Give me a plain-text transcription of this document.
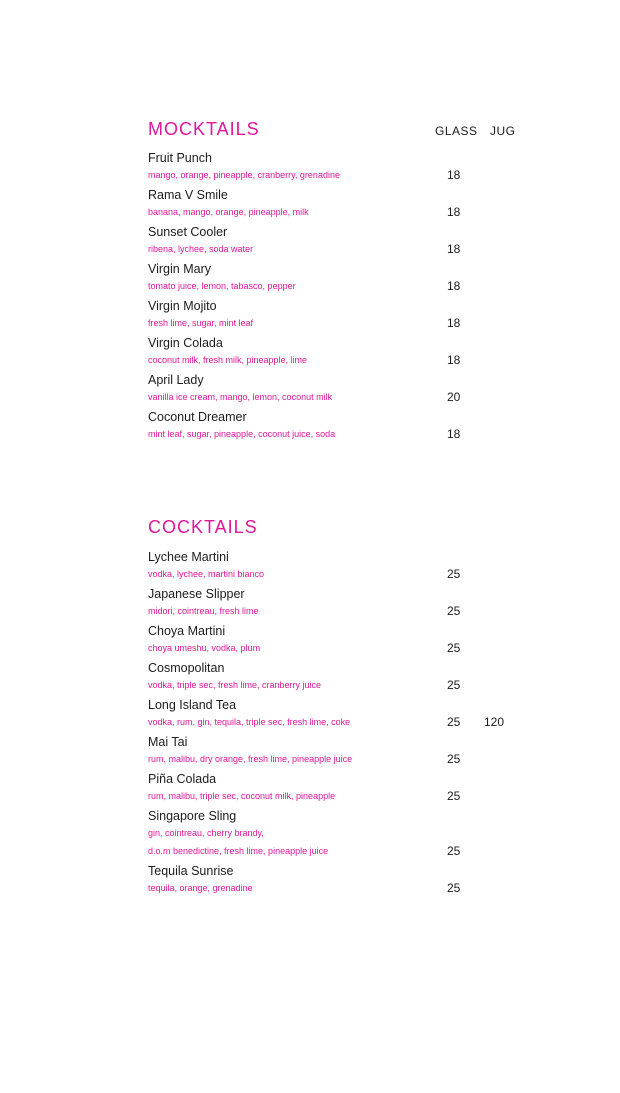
MOCKTAILS	GLASS JUG
Fruit Punch
mango, orange, pineapple, cranberry, grenadine	18
Rama V Smile
banana, mango, orange, pineapple, milk	18
Sunset Cooler
ribena, lychee, soda water	18
Virgin Mary
tomato juice, lemon, tabasco, pepper	18
Virgin Mojito
fresh lime, sugar, mint leaf	18
Virgin Colada
coconut milk, fresh milk, pineapple, lime	18
April Lady
vanilla ice cream, mango, lemon, coconut milk	20
Coconut Dreamer
mint leaf, sugar, pineapple, coconut juice, soda	18
COCKTAILS
Lychee Martini
vodka, lychee, martini bianco	25
Japanese Slipper
midori, cointreau, fresh lime	25
Choya Martini
choya umeshu, vodka, plum	25
Cosmopolitan
vodka, triple sec, fresh lime, cranberry juice	25
Long Island Tea
vodka, rum, gin, tequila, triple sec, fresh lime, coke	25 120
Mai Tai
rum, malibu, dry orange, fresh lime, pineapple juice	25
Piña Colada
rum, malibu, triple sec, coconut milk, pineapple	25
Singapore Sling
gin, cointreau, cherry brandy,
d.o.m benedictine, fresh lime, pineapple juice	25
Tequila Sunrise
tequila, orange, grenadine	25
